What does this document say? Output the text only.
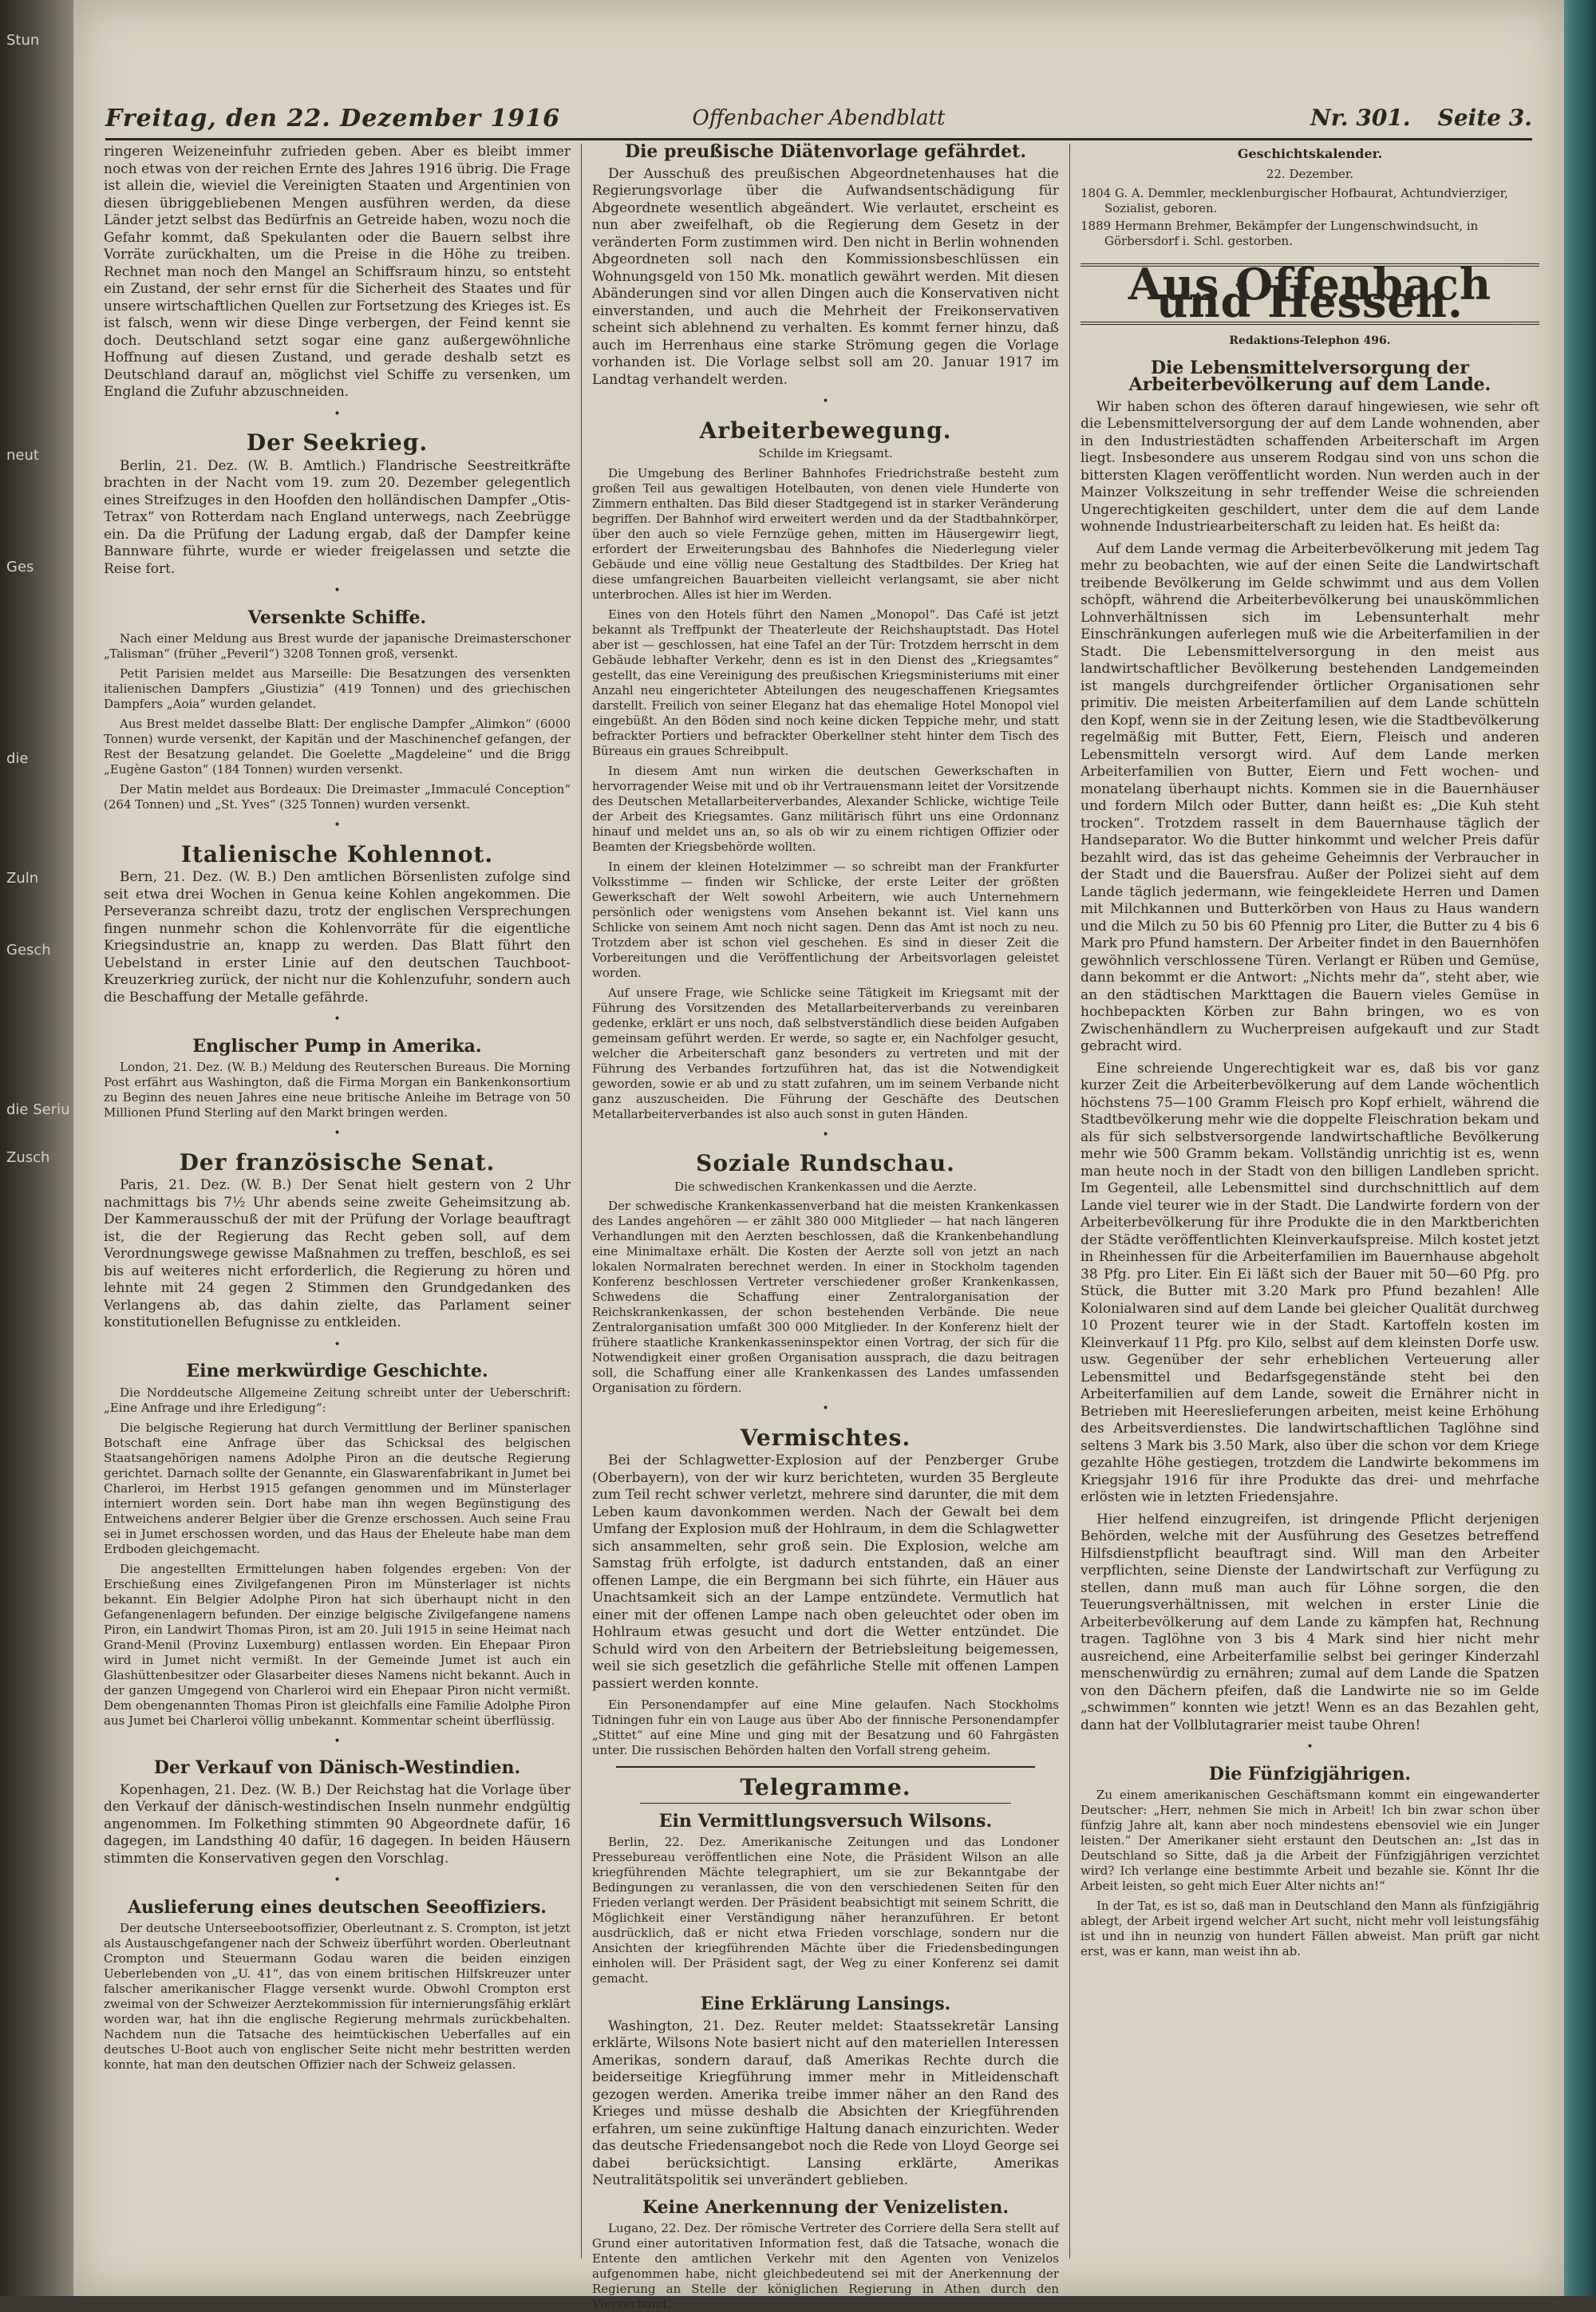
Stun
neut
Ges
die
Zuln
Gesch
die Seriu
Zusch
Freitag, den 22. Dezember 1916	Offenbacher Abendblatt	Nr. 301. Seite 3.

ringeren Weizeneinfuhr zufrieden geben. Aber es bleibt immer noch etwas von der reichen Ernte des Jahres 1916 übrig. Die Frage ist allein die, wieviel die Vereinigten Staaten und Argentinien von diesen übriggebliebenen Mengen ausführen werden, da diese Länder jetzt selbst das Bedürfnis an Getreide haben, wozu noch die Gefahr kommt, daß Spekulanten oder die Bauern selbst ihre Vorräte zurückhalten, um die Preise in die Höhe zu treiben. Rechnet man noch den Mangel an Schiffsraum hinzu, so entsteht ein Zustand, der sehr ernst für die Sicherheit des Staates und für unsere wirtschaftlichen Quellen zur Fortsetzung des Krieges ist. Es ist falsch, wenn wir diese Dinge verbergen, der Feind kennt sie doch. Deutschland setzt sogar eine ganz außergewöhnliche Hoffnung auf diesen Zustand, und gerade deshalb setzt es Deutschland darauf an, möglichst viel Schiffe zu versenken, um England die Zufuhr abzuschneiden.

•
Der Seekrieg.

Berlin, 21. Dez. (W. B. Amtlich.) Flandrische Seestreitkräfte brachten in der Nacht vom 19. zum 20. Dezember gelegentlich eines Streifzuges in den Hoofden den holländischen Dampfer „Otis-Tetrax“ von Rotterdam nach England unterwegs, nach Zeebrügge ein. Da die Prüfung der Ladung ergab, daß der Dampfer keine Bannware führte, wurde er wieder freigelassen und setzte die Reise fort.

•
Versenkte Schiffe.

Nach einer Meldung aus Brest wurde der japanische Dreimasterschoner „Talisman“ (früher „Peveril“) 3208 Tonnen groß, versenkt.

Petit Parisien meldet aus Marseille: Die Besatzungen des versenkten italienischen Dampfers „Giustizia“ (419 Tonnen) und des griechischen Dampfers „Aoia“ wurden gelandet.

Aus Brest meldet dasselbe Blatt: Der englische Dampfer „Alimkon“ (6000 Tonnen) wurde versenkt, der Kapitän und der Maschinenchef gefangen, der Rest der Besatzung gelandet. Die Goelette „Magdeleine“ und die Brigg „Eugène Gaston“ (184 Tonnen) wurden versenkt.

Der Matin meldet aus Bordeaux: Die Dreimaster „Immaculé Conception“ (264 Tonnen) und „St. Yves“ (325 Tonnen) wurden versenkt.

•
Italienische Kohlennot.

Bern, 21. Dez. (W. B.) Den amtlichen Börsenlisten zufolge sind seit etwa drei Wochen in Genua keine Kohlen angekommen. Die Perseveranza schreibt dazu, trotz der englischen Versprechungen fingen nunmehr schon die Kohlenvorräte für die eigentliche Kriegsindustrie an, knapp zu werden. Das Blatt führt den Uebelstand in erster Linie auf den deutschen Tauchboot-Kreuzerkrieg zurück, der nicht nur die Kohlenzufuhr, sondern auch die Beschaffung der Metalle gefährde.

•
Englischer Pump in Amerika.

London, 21. Dez. (W. B.) Meldung des Reuterschen Bureaus. Die Morning Post erfährt aus Washington, daß die Firma Morgan ein Bankenkonsortium zu Beginn des neuen Jahres eine neue britische Anleihe im Betrage von 50 Millionen Pfund Sterling auf den Markt bringen werden.

•
Der französische Senat.

Paris, 21. Dez. (W. B.) Der Senat hielt gestern von 2 Uhr nachmittags bis 7½ Uhr abends seine zweite Geheimsitzung ab. Der Kammerausschuß der mit der Prüfung der Vorlage beauftragt ist, die der Regierung das Recht geben soll, auf dem Verordnungswege gewisse Maßnahmen zu treffen, beschloß, es sei bis auf weiteres nicht erforderlich, die Regierung zu hören und lehnte mit 24 gegen 2 Stimmen den Grundgedanken des Verlangens ab, das dahin zielte, das Parlament seiner konstitutionellen Befugnisse zu entkleiden.

•
Eine merkwürdige Geschichte.

Die Norddeutsche Allgemeine Zeitung schreibt unter der Ueberschrift: „Eine Anfrage und ihre Erledigung“:

Die belgische Regierung hat durch Vermittlung der Berliner spanischen Botschaft eine Anfrage über das Schicksal des belgischen Staatsangehörigen namens Adolphe Piron an die deutsche Regierung gerichtet. Darnach sollte der Genannte, ein Glaswarenfabrikant in Jumet bei Charleroi, im Herbst 1915 gefangen genommen und im Münsterlager interniert worden sein. Dort habe man ihn wegen Begünstigung des Entweichens anderer Belgier über die Grenze erschossen. Auch seine Frau sei in Jumet erschossen worden, und das Haus der Eheleute habe man dem Erdboden gleichgemacht.

Die angestellten Ermittelungen haben folgendes ergeben: Von der Erschießung eines Zivilgefangenen Piron im Münsterlager ist nichts bekannt. Ein Belgier Adolphe Piron hat sich überhaupt nicht in den Gefangenenlagern befunden. Der einzige belgische Zivilgefangene namens Piron, ein Landwirt Thomas Piron, ist am 20. Juli 1915 in seine Heimat nach Grand-Menil (Provinz Luxemburg) entlassen worden. Ein Ehepaar Piron wird in Jumet nicht vermißt. In der Gemeinde Jumet ist auch ein Glashüttenbesitzer oder Glasarbeiter dieses Namens nicht bekannt. Auch in der ganzen Umgegend von Charleroi wird ein Ehepaar Piron nicht vermißt. Dem obengenannten Thomas Piron ist gleichfalls eine Familie Adolphe Piron aus Jumet bei Charleroi völlig unbekannt. Kommentar scheint überflüssig.

•
Der Verkauf von Dänisch-Westindien.

Kopenhagen, 21. Dez. (W. B.) Der Reichstag hat die Vorlage über den Verkauf der dänisch-westindischen Inseln nunmehr endgültig angenommen. Im Folkething stimmten 90 Abgeordnete dafür, 16 dagegen, im Landsthing 40 dafür, 16 dagegen. In beiden Häusern stimmten die Konservativen gegen den Vorschlag.

•
Auslieferung eines deutschen Seeoffiziers.

Der deutsche Unterseebootsoffizier, Oberleutnant z. S. Crompton, ist jetzt als Austauschgefangener nach der Schweiz überführt worden. Oberleutnant Crompton und Steuermann Godau waren die beiden einzigen Ueberlebenden von „U. 41“, das von einem britischen Hilfskreuzer unter falscher amerikanischer Flagge versenkt wurde. Obwohl Crompton erst zweimal von der Schweizer Aerztekommission für internierungsfähig erklärt worden war, hat ihn die englische Regierung mehrmals zurückbehalten. Nachdem nun die Tatsache des heimtückischen Ueberfalles auf ein deutsches U-Boot auch von englischer Seite nicht mehr bestritten werden konnte, hat man den deutschen Offizier nach der Schweiz gelassen.

Die preußische Diätenvorlage gefährdet.

Der Ausschuß des preußischen Abgeordnetenhauses hat die Regierungsvorlage über die Aufwandsentschädigung für Abgeordnete wesentlich abgeändert. Wie verlautet, erscheint es nun aber zweifelhaft, ob die Regierung dem Gesetz in der veränderten Form zustimmen wird. Den nicht in Berlin wohnenden Abgeordneten soll nach den Kommissionsbeschlüssen ein Wohnungsgeld von 150 Mk. monatlich gewährt werden. Mit diesen Abänderungen sind vor allen Dingen auch die Konservativen nicht einverstanden, und auch die Mehrheit der Freikonservativen scheint sich ablehnend zu verhalten. Es kommt ferner hinzu, daß auch im Herrenhaus eine starke Strömung gegen die Vorlage vorhanden ist. Die Vorlage selbst soll am 20. Januar 1917 im Landtag verhandelt werden.

•
Arbeiterbewegung.
Schilde im Kriegsamt.

Die Umgebung des Berliner Bahnhofes Friedrichstraße besteht zum großen Teil aus gewaltigen Hotelbauten, von denen viele Hunderte von Zimmern enthalten. Das Bild dieser Stadtgegend ist in starker Veränderung begriffen. Der Bahnhof wird erweitert werden und da der Stadtbahnkörper, über den auch so viele Fernzüge gehen, mitten im Häusergewirr liegt, erfordert der Erweiterungsbau des Bahnhofes die Niederlegung vieler Gebäude und eine völlig neue Gestaltung des Stadtbildes. Der Krieg hat diese umfangreichen Bauarbeiten vielleicht verlangsamt, sie aber nicht unterbrochen. Alles ist hier im Werden.

Eines von den Hotels führt den Namen „Monopol“. Das Café ist jetzt bekannt als Treffpunkt der Theaterleute der Reichshauptstadt. Das Hotel aber ist — geschlossen, hat eine Tafel an der Tür: Trotzdem herrscht in dem Gebäude lebhafter Verkehr, denn es ist in den Dienst des „Kriegsamtes“ gestellt, das eine Vereinigung des preußischen Kriegsministeriums mit einer Anzahl neu eingerichteter Abteilungen des neugeschaffenen Kriegsamtes darstellt. Freilich von seiner Eleganz hat das ehemalige Hotel Monopol viel eingebüßt. An den Böden sind noch keine dicken Teppiche mehr, und statt befrackter Portiers und befrackter Oberkellner steht hinter dem Tisch des Büreaus ein graues Schreibpult.

In diesem Amt nun wirken die deutschen Gewerkschaften in hervorragender Weise mit und ob ihr Vertrauensmann leitet der Vorsitzende des Deutschen Metallarbeiterverbandes, Alexander Schlicke, wichtige Teile der Arbeit des Kriegsamtes. Ganz militärisch führt uns eine Ordonnanz hinauf und meldet uns an, so als ob wir zu einem richtigen Offizier oder Beamten der Kriegsbehörde wollten.

In einem der kleinen Hotelzimmer — so schreibt man der Frankfurter Volksstimme — finden wir Schlicke, der erste Leiter der größten Gewerkschaft der Welt sowohl Arbeitern, wie auch Unternehmern persönlich oder wenigstens vom Ansehen bekannt ist. Viel kann uns Schlicke von seinem Amt noch nicht sagen. Denn das Amt ist noch zu neu. Trotzdem aber ist schon viel geschehen. Es sind in dieser Zeit die Vorbereitungen und die Veröffentlichung der Arbeitsvorlagen geleistet worden.

Auf unsere Frage, wie Schlicke seine Tätigkeit im Kriegsamt mit der Führung des Vorsitzenden des Metallarbeiterverbands zu vereinbaren gedenke, erklärt er uns noch, daß selbstverständlich diese beiden Aufgaben gemeinsam geführt werden. Er werde, so sagte er, ein Nachfolger gesucht, welcher die Arbeiterschaft ganz besonders zu vertreten und mit der Führung des Verbandes fortzuführen hat, das ist die Notwendigkeit geworden, sowie er ab und zu statt zufahren, um im seinem Verbande nicht ganz auszuscheiden. Die Führung der Geschäfte des Deutschen Metallarbeiterverbandes ist also auch sonst in guten Händen.

•
Soziale Rundschau.
Die schwedischen Krankenkassen und die Aerzte.

Der schwedische Krankenkassenverband hat die meisten Krankenkassen des Landes angehören — er zählt 380 000 Mitglieder — hat nach längeren Verhandlungen mit den Aerzten beschlossen, daß die Krankenbehandlung eine Minimaltaxe erhält. Die Kosten der Aerzte soll von jetzt an nach lokalen Normalraten berechnet werden. In einer in Stockholm tagenden Konferenz beschlossen Vertreter verschiedener großer Krankenkassen, Schwedens die Schaffung einer Zentralorganisation der Reichskrankenkassen, der schon bestehenden Verbände. Die neue Zentralorganisation umfaßt 300 000 Mitglieder. In der Konferenz hielt der frühere staatliche Krankenkasseninspektor einen Vortrag, der sich für die Notwendigkeit einer großen Organisation aussprach, die dazu beitragen soll, die Schaffung einer alle Krankenkassen des Landes umfassenden Organisation zu fördern.

•
Vermischtes.

Bei der Schlagwetter-Explosion auf der Penzberger Grube (Oberbayern), von der wir kurz berichteten, wurden 35 Bergleute zum Teil recht schwer verletzt, mehrere sind darunter, die mit dem Leben kaum davonkommen werden. Nach der Gewalt bei dem Umfang der Explosion muß der Hohlraum, in dem die Schlagwetter sich ansammelten, sehr groß sein. Die Explosion, welche am Samstag früh erfolgte, ist dadurch entstanden, daß an einer offenen Lampe, die ein Bergmann bei sich führte, ein Häuer aus Unachtsamkeit sich an der Lampe entzündete. Vermutlich hat einer mit der offenen Lampe nach oben geleuchtet oder oben im Hohlraum etwas gesucht und dort die Wetter entzündet. Die Schuld wird von den Arbeitern der Betriebsleitung beigemessen, weil sie sich gesetzlich die gefährliche Stelle mit offenen Lampen passiert werden konnte.

Ein Personendampfer auf eine Mine gelaufen. Nach Stockholms Tidningen fuhr ein von Lauge aus über Abo der finnische Personendampfer „Stittet“ auf eine Mine und ging mit der Besatzung und 60 Fahrgästen unter. Die russischen Behörden halten den Vorfall streng geheim.

Telegramme.
Ein Vermittlungsversuch Wilsons.

Berlin, 22. Dez. Amerikanische Zeitungen und das Londoner Pressebureau veröffentlichen eine Note, die Präsident Wilson an alle kriegführenden Mächte telegraphiert, um sie zur Bekanntgabe der Bedingungen zu veranlassen, die von den verschiedenen Seiten für den Frieden verlangt werden. Der Präsident beabsichtigt mit seinem Schritt, die Möglichkeit einer Verständigung näher heranzuführen. Er betont ausdrücklich, daß er nicht etwa Frieden vorschlage, sondern nur die Ansichten der kriegführenden Mächte über die Friedensbedingungen einholen will. Der Präsident sagt, der Weg zu einer Konferenz sei damit gemacht.

Eine Erklärung Lansings.

Washington, 21. Dez. Reuter meldet: Staatssekretär Lansing erklärte, Wilsons Note basiert nicht auf den materiellen Interessen Amerikas, sondern darauf, daß Amerikas Rechte durch die beiderseitige Kriegführung immer mehr in Mitleidenschaft gezogen werden. Amerika treibe immer näher an den Rand des Krieges und müsse deshalb die Absichten der Kriegführenden erfahren, um seine zukünftige Haltung danach einzurichten. Weder das deutsche Friedensangebot noch die Rede von Lloyd George sei dabei berücksichtigt. Lansing erklärte, Amerikas Neutralitätspolitik sei unverändert geblieben.

Keine Anerkennung der Venizelisten.

Lugano, 22. Dez. Der römische Vertreter des Corriere della Sera stellt auf Grund einer autoritativen Information fest, daß die Tatsache, wonach die Entente den amtlichen Verkehr mit den Agenten von Venizelos aufgenommen habe, nicht gleichbedeutend sei mit der Anerkennung der Regierung an Stelle der königlichen Regierung in Athen durch den Vierverband.

Geschichtskalender.
22. Dezember.
1804 G. A. Demmler, mecklenburgischer Hofbaurat, Achtundvierziger, Sozialist, geboren.
1889 Hermann Brehmer, Bekämpfer der Lungenschwindsucht, in Görbersdorf i. Schl. gestorben.
Aus Offenbach und Hessen.
Redaktions-Telephon 496.
Die Lebensmittelversorgung der Arbeiterbevölkerung auf dem Lande.

Wir haben schon des öfteren darauf hingewiesen, wie sehr oft die Lebensmittelversorgung der auf dem Lande wohnenden, aber in den Industriestädten schaffenden Arbeiterschaft im Argen liegt. Insbesondere aus unserem Rodgau sind von uns schon die bittersten Klagen veröffentlicht worden. Nun werden auch in der Mainzer Volkszeitung in sehr treffender Weise die schreienden Ungerechtigkeiten geschildert, unter dem die auf dem Lande wohnende Industriearbeiterschaft zu leiden hat. Es heißt da:

Auf dem Lande vermag die Arbeiterbevölkerung mit jedem Tag mehr zu beobachten, wie auf der einen Seite die Landwirtschaft treibende Bevölkerung im Gelde schwimmt und aus dem Vollen schöpft, während die Arbeiterbevölkerung bei unauskömmlichen Lohnverhältnissen sich im Lebensunterhalt mehr Einschränkungen auferlegen muß wie die Arbeiterfamilien in der Stadt. Die Lebensmittelversorgung in den meist aus landwirtschaftlicher Bevölkerung bestehenden Landgemeinden ist mangels durchgreifender örtlicher Organisationen sehr primitiv. Die meisten Arbeiterfamilien auf dem Lande schütteln den Kopf, wenn sie in der Zeitung lesen, wie die Stadtbevölkerung regelmäßig mit Butter, Fett, Eiern, Fleisch und anderen Lebensmitteln versorgt wird. Auf dem Lande merken Arbeiterfamilien von Butter, Eiern und Fett wochen- und monatelang überhaupt nichts. Kommen sie in die Bauernhäuser und fordern Milch oder Butter, dann heißt es: „Die Kuh steht trocken“. Trotzdem rasselt in dem Bauernhause täglich der Handseparator. Wo die Butter hinkommt und welcher Preis dafür bezahlt wird, das ist das geheime Geheimnis der Verbraucher in der Stadt und die Bauersfrau. Außer der Polizei sieht auf dem Lande täglich jedermann, wie feingekleidete Herren und Damen mit Milchkannen und Butterkörben von Haus zu Haus wandern und die Milch zu 50 bis 60 Pfennig pro Liter, die Butter zu 4 bis 6 Mark pro Pfund hamstern. Der Arbeiter findet in den Bauernhöfen gewöhnlich verschlossene Türen. Verlangt er Rüben und Gemüse, dann bekommt er die Antwort: „Nichts mehr da“, steht aber, wie an den städtischen Markttagen die Bauern vieles Gemüse in hochbepackten Körben zur Bahn bringen, wo es von Zwischenhändlern zu Wucherpreisen aufgekauft und zur Stadt gebracht wird.

Eine schreiende Ungerechtigkeit war es, daß bis vor ganz kurzer Zeit die Arbeiterbevölkerung auf dem Lande wöchentlich höchstens 75—100 Gramm Fleisch pro Kopf erhielt, während die Stadtbevölkerung mehr wie die doppelte Fleischration bekam und als für sich selbstversorgende landwirtschaftliche Bevölkerung mehr wie 500 Gramm bekam. Vollständig unrichtig ist es, wenn man heute noch in der Stadt von den billigen Landleben spricht. Im Gegenteil, alle Lebensmittel sind durchschnittlich auf dem Lande viel teurer wie in der Stadt. Die Landwirte fordern von der Arbeiterbevölkerung für ihre Produkte die in den Marktberichten der Städte veröffentlichten Kleinverkaufspreise. Milch kostet jetzt in Rheinhessen für die Arbeiterfamilien im Bauernhause abgeholt 38 Pfg. pro Liter. Ein Ei läßt sich der Bauer mit 50—60 Pfg. pro Stück, die Butter mit 3.20 Mark pro Pfund bezahlen! Alle Kolonialwaren sind auf dem Lande bei gleicher Qualität durchweg 10 Prozent teurer wie in der Stadt. Kartoffeln kosten im Kleinverkauf 11 Pfg. pro Kilo, selbst auf dem kleinsten Dorfe usw. usw. Gegenüber der sehr erheblichen Verteuerung aller Lebensmittel und Bedarfsgegenstände steht bei den Arbeiterfamilien auf dem Lande, soweit die Ernährer nicht in Betrieben mit Heereslieferungen arbeiten, meist keine Erhöhung des Arbeitsverdienstes. Die landwirtschaftlichen Taglöhne sind seltens 3 Mark bis 3.50 Mark, also über die schon vor dem Kriege gezahlte Höhe gestiegen, trotzdem die Landwirte bekommens im Kriegsjahr 1916 für ihre Produkte das drei- und mehrfache erlösten wie in letzten Friedensjahre.

Hier helfend einzugreifen, ist dringende Pflicht derjenigen Behörden, welche mit der Ausführung des Gesetzes betreffend Hilfsdienstpflicht beauftragt sind. Will man den Arbeiter verpflichten, seine Dienste der Landwirtschaft zur Verfügung zu stellen, dann muß man auch für Löhne sorgen, die den Teuerungsverhältnissen, mit welchen in erster Linie die Arbeiterbevölkerung auf dem Lande zu kämpfen hat, Rechnung tragen. Taglöhne von 3 bis 4 Mark sind hier nicht mehr ausreichend, eine Arbeiterfamilie selbst bei geringer Kinderzahl menschenwürdig zu ernähren; zumal auf dem Lande die Spatzen von den Dächern pfeifen, daß die Landwirte nie so im Gelde „schwimmen“ konnten wie jetzt! Wenn es an das Bezahlen geht, dann hat der Vollblutagrarier meist taube Ohren!

•
Die Fünfzigjährigen.

Zu einem amerikanischen Geschäftsmann kommt ein eingewanderter Deutscher: „Herr, nehmen Sie mich in Arbeit! Ich bin zwar schon über fünfzig Jahre alt, kann aber noch mindestens ebensoviel wie ein Junger leisten.“ Der Amerikaner sieht erstaunt den Deutschen an: „Ist das in Deutschland so Sitte, daß ja die Arbeit der Fünfzigjährigen verzichtet wird? Ich verlange eine bestimmte Arbeit und bezahle sie. Könnt Ihr die Arbeit leisten, so geht mich Euer Alter nichts an!“

In der Tat, es ist so, daß man in Deutschland den Mann als fünfzigjährig ablegt, der Arbeit irgend welcher Art sucht, nicht mehr voll leistungsfähig ist und ihn in neunzig von hundert Fällen abweist. Man prüft gar nicht erst, was er kann, man weist ihn ab.
